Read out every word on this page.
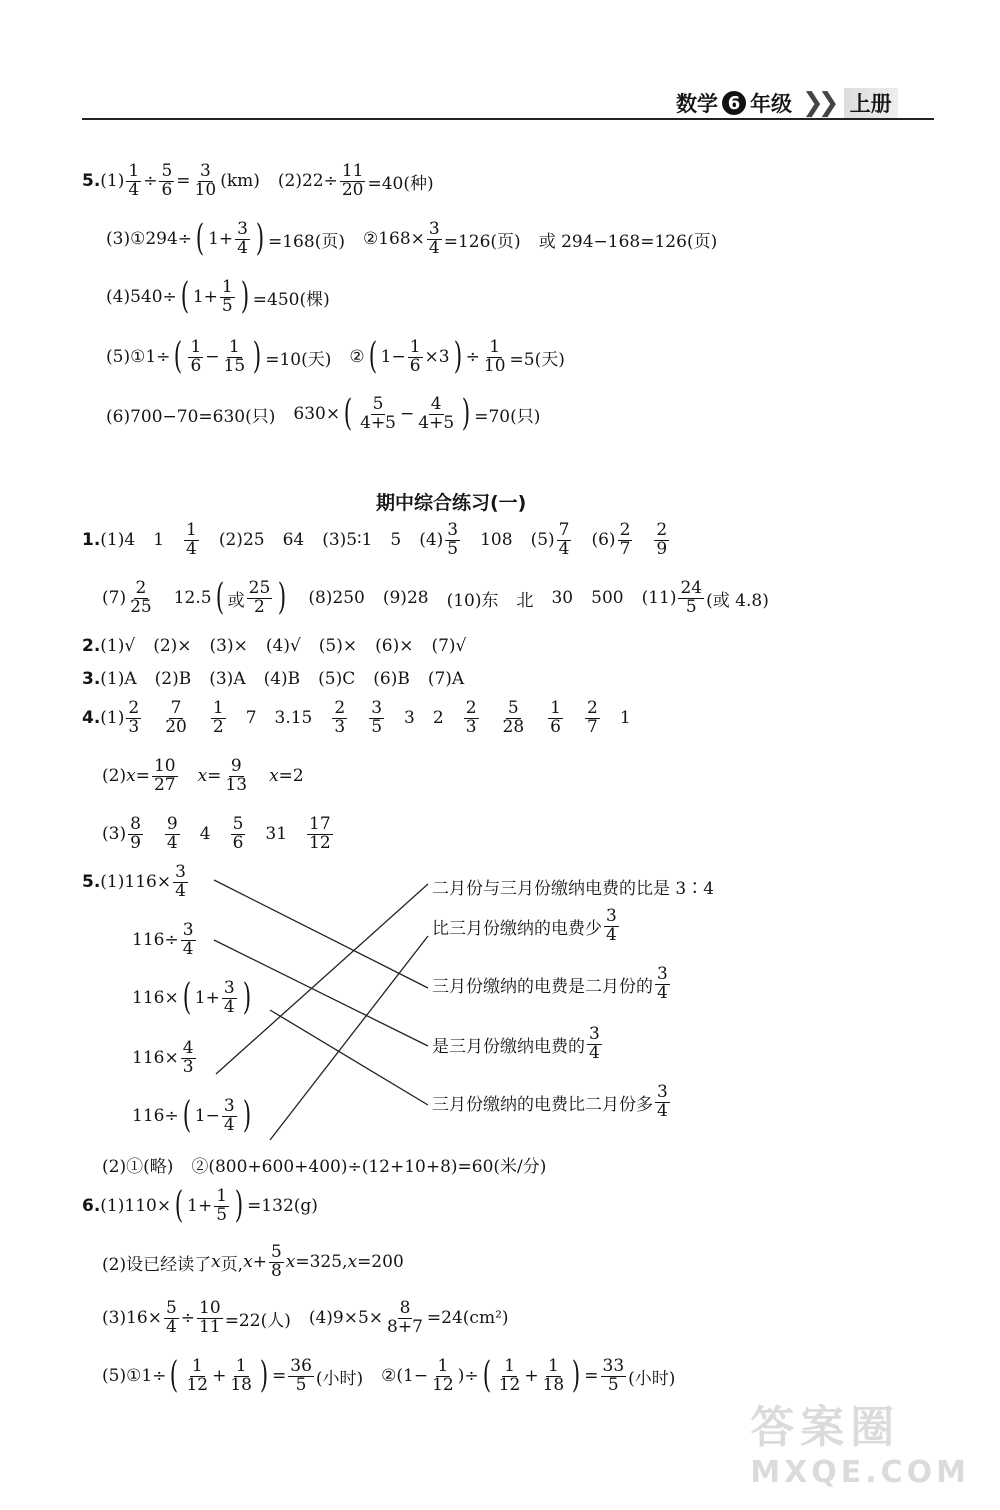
数学 6 年级 ❯❯ 上册
5. $(1) \frac{1}{4} \div \frac{5}{6} = \frac{3}{10} (km)$ $(2)22\div \frac{11}{20} =40$(种)
(3)①294÷ ( $1+ \frac{3}{4}$ ) =168(页) ②168× $\frac{3}{4} =126$(页) 或 294−168=126(页)
(4)540÷ ( $1+ \frac{1}{5}$ ) =450(棵)
(5)①1÷ ( $\frac{1}{6} - \frac{1}{15}$ ) =10(天) ② ( $1- \frac{1}{6} \times 3$ ) ÷ $\frac{1}{10} =5$(天)
(6)700−70=630(只) 630× ( $\frac{5}{4+5} - \frac{4}{4+5}$ ) =70(只)
期中综合练习(一)
1. (1)4 $1 \frac{1}{4} (2)25$ 64 (3)5∶1 5 $(4) \frac{3}{5} 108$ $(5) \frac{7}{4} (6) \frac{2}{7} \frac{2}{9}$
$(7) \frac{2}{25} 12.5$ ( 或 $\frac{25}{2}$ ) (8)250 (9)28 (10)东 北 30 500 $(11) \frac{24}{5}$ (或 4.8)
2. (1)√ (2)× (3)× (4)√ (5)× (6)× (7)√
3. (1)A (2)B (3)A (4)B (5)C (6)B (7)A
4. $(1) \frac{2}{3} \frac{7}{20} \frac{1}{2} 7$ $3.15 \frac{2}{3} \frac{3}{5} 3$ $2 \frac{2}{3} \frac{5}{28} \frac{1}{6} \frac{2}{7} 1$
(2) $x = \frac{10}{27}$ $x = \frac{9}{13}$ x =2
$(3) \frac{8}{9} \frac{9}{4} 4 \frac{5}{6} 31 \frac{17}{12}$
5. $(1)116\times \frac{3}{4}$
$116\div \frac{3}{4}$
116× ( $1+ \frac{3}{4}$ )
$116\times \frac{4}{3}$
116÷ ( $1- \frac{3}{4}$ )
二月份与三月份缴纳电费的比是 3∶4
比三月份缴纳的电费少 $\frac{3}{4}$
三月份缴纳的电费是二月份的 $\frac{3}{4}$
是三月份缴纳电费的 $\frac{3}{4}$
三月份缴纳的电费比二月份多 $\frac{3}{4}$
(2)①(略) ②(800+600+400)÷(12+10+8)=60(米/分)
6. (1)110× ( $1+ \frac{1}{5}$ ) =132(g)
(2)设已经读了 x 页, $x + \frac{5}{8}$ x =325, x =200
$(3)16\times \frac{5}{4} \div \frac{10}{11} =22$(人) $(4)9\times 5\times \frac{8}{8+7} =24(cm^2)$
(5)①1÷ ( $\frac{1}{12} + \frac{1}{18}$ ) = $\frac{36}{5}$ (小时) ②(1− $\frac{1}{12}$ )÷ ( $\frac{1}{12} + \frac{1}{18}$ ) = $\frac{33}{5}$ (小时)
答案圈
MXQE.COM
